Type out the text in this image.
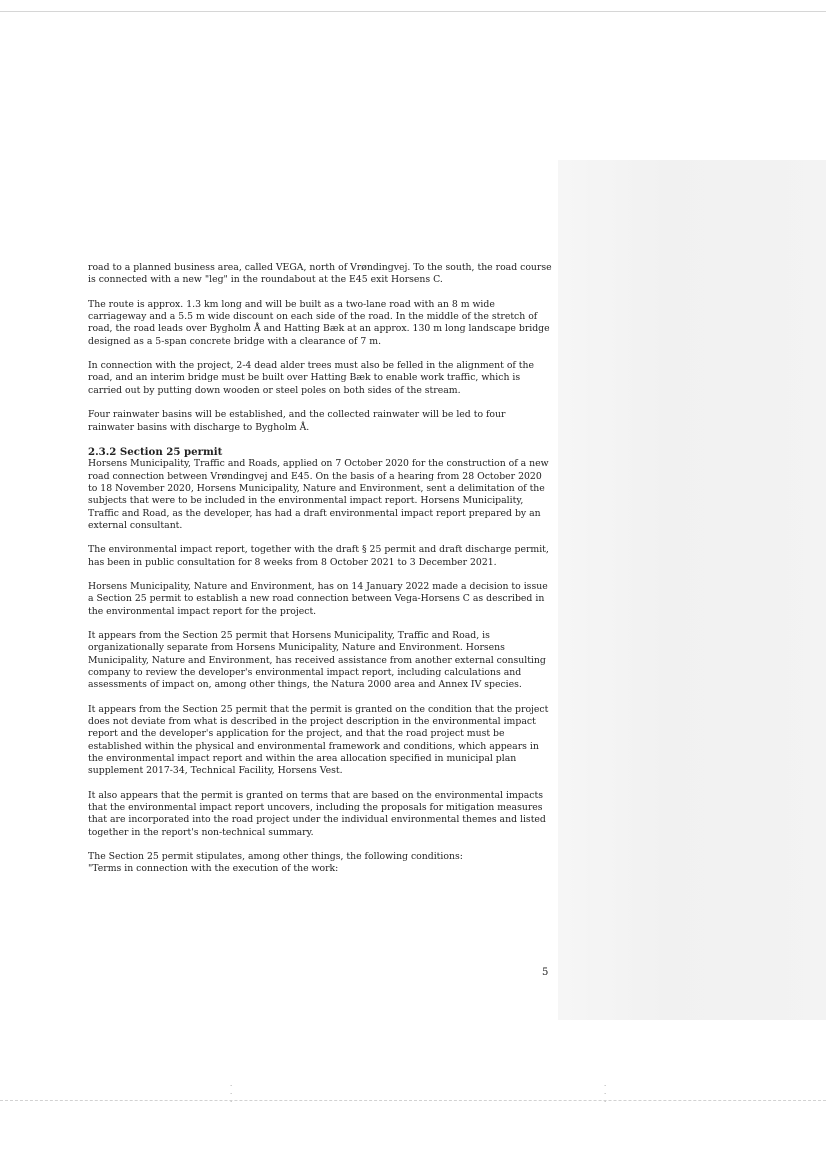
road to a planned business area, called VEGA, north of Vrøndingvej. To the south, the road course is connected with a new "leg" in the roundabout at the E45 exit Horsens C.

The route is approx. 1.3 km long and will be built as a two-lane road with an 8 m wide carriageway and a 5.5 m wide discount on each side of the road. In the middle of the stretch of road, the road leads over Bygholm Å and Hatting Bæk at an approx. 130 m long landscape bridge designed as a 5-span concrete bridge with a clearance of 7 m.

In connection with the project, 2-4 dead alder trees must also be felled in the alignment of the road, and an interim bridge must be built over Hatting Bæk to enable work traffic, which is carried out by putting down wooden or steel poles on both sides of the stream.

Four rainwater basins will be established, and the collected rainwater will be led to four rainwater basins with discharge to Bygholm Å.

2.3.2 Section 25 permit

Horsens Municipality, Traffic and Roads, applied on 7 October 2020 for the construction of a new road connection between Vrøndingvej and E45. On the basis of a hearing from 28 October 2020 to 18 November 2020, Horsens Municipality, Nature and Environment, sent a delimitation of the subjects that were to be included in the environmental impact report. Horsens Municipality, Traffic and Road, as the developer, has had a draft environmental impact report prepared by an external consultant.

The environmental impact report, together with the draft § 25 permit and draft discharge permit, has been in public consultation for 8 weeks from 8 October 2021 to 3 December 2021.

Horsens Municipality, Nature and Environment, has on 14 January 2022 made a decision to issue a Section 25 permit to establish a new road connection between Vega-Horsens C as described in the environmental impact report for the project.

It appears from the Section 25 permit that Horsens Municipality, Traffic and Road, is organizationally separate from Horsens Municipality, Nature and Environment. Horsens Municipality, Nature and Environment, has received assistance from another external consulting company to review the developer's environmental impact report, including calculations and assessments of impact on, among other things, the Natura 2000 area and Annex IV species.

It appears from the Section 25 permit that the permit is granted on the condition that the project does not deviate from what is described in the project description in the environmental impact report and the developer's application for the project, and that the road project must be established within the physical and environmental framework and conditions, which appears in the environmental impact report and within the area allocation specified in municipal plan supplement 2017-34, Technical Facility, Horsens Vest.

It also appears that the permit is granted on terms that are based on the environmental impacts that the environmental impact report uncovers, including the proposals for mitigation measures that are incorporated into the road project under the individual environmental themes and listed together in the report's non-technical summary.

The Section 25 permit stipulates, among other things, the following conditions:
"Terms in connection with the execution of the work:
5
·
·
·
·
·
·
